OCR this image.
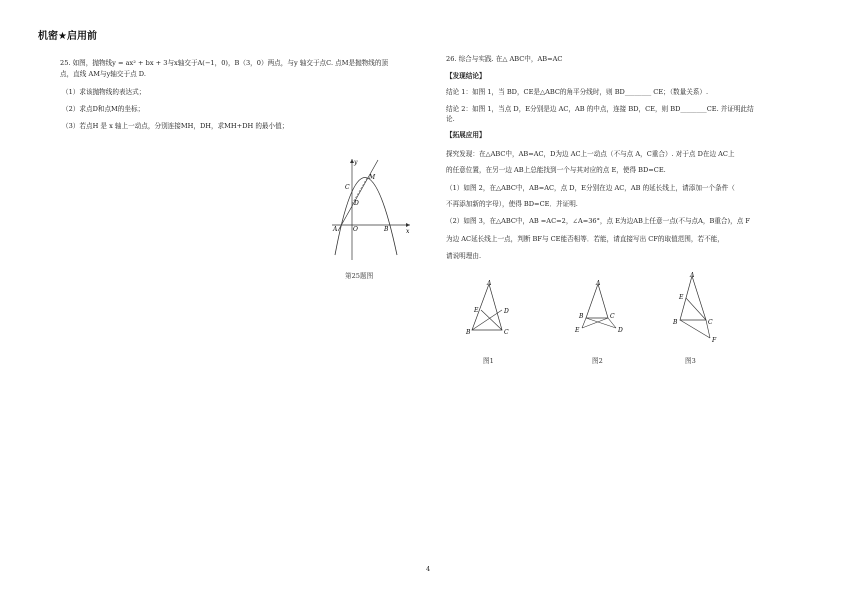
机密★启用前
25. 如图，抛物线y = ax² + bx + 3与x轴交于A(−1，0)，B（3，0）两点，与y 轴交于点C. 点M是抛物线的顶
点，直线 AM与y轴交于点 D.
（1）求该抛物线的表达式；
（2）求点D和点M的坐标；
（3）若点H 是 x 轴上一动点，分别连接MH，DH，求MH+DH 的最小值；
y
x
M
C
D
A	O	B
第25题图
26. 综合与实践. 在△ ABC中，AB=AC
【发现结论】
结论 1：如图 1，当 BD，CE是△ABC的角平分线时，则 BD________ CE；（数量关系）.
结论 2：如图 1，当点 D，E分别是边 AC，AB 的中点，连接 BD，CE，则 BD________CE. 并证明此结
论.
【拓展应用】
探究发现：在△ABC中，AB=AC，D为边 AC上一动点（不与点 A，C重合）. 对于点 D在边 AC上
的任意位置，在另一边 AB上总能找到一个与其对应的点 E，使得 BD=CE.
（1）如图 2，在△ABC中，AB=AC，点 D，E分别在边 AC，AB 的延长线上，请添加一个条件（
不再添加新的字母），使得 BD=CE．并证明.
（2）如图 3，在△ABC中，AB =AC=2，∠A=36°，点 E为边AB上任意一点(不与点A，B重合)，点 F
为边 AC延长线上一点，判断 BF与 CE能否相等．若能，请直接写出 CF的取值范围，若不能，
请说明理由.
A
B	C
D
E
图1
A
B	C
D
E
图2
A
E
B	C
F
图3
4
